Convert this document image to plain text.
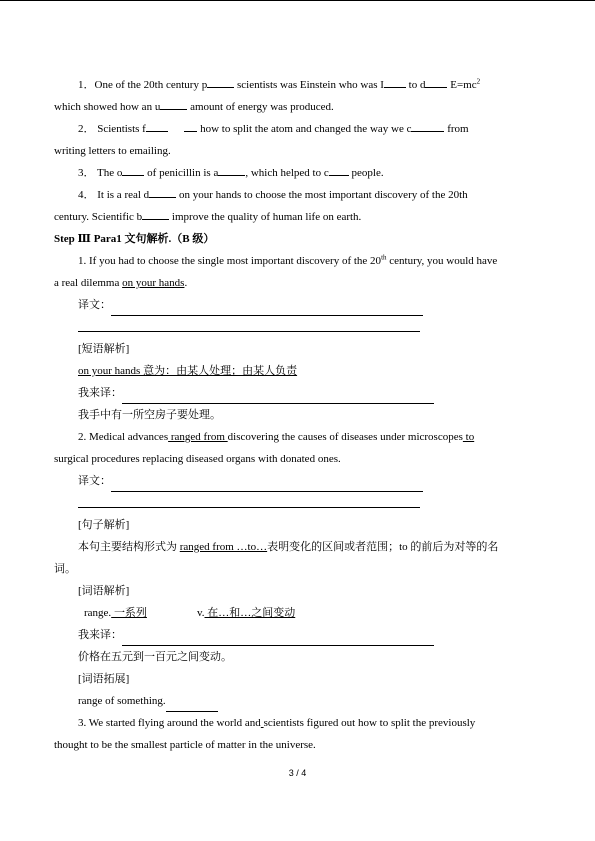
1．One of the 20th century p scientists was Einstein who was I to d $E=mc^2$
which showed how an u amount of energy was produced.
2． Scientists f	how to split the atom and changed the way we c	from
writing letters to emailing.
3． The o of penicillin is a , which helped to c people.
4． It is a real d on your hands to choose the most important discovery of the 20th
century. Scientific b improve the quality of human life on earth.
Step Ⅲ Para1 文句解析.（B 级）
1. If you had to choose the single most important discovery of the 20th century, you would have
a real dilemma on your hands.
译文：
[短语解析]
on your hands 意为：由某人处理；由某人负责
我来译：
我手中有一所空房子要处理。
2. Medical advances ranged from discovering the causes of diseases under microscopes to
surgical procedures replacing diseased organs with donated ones.
译文：
[句子解析]
本句主要结构形式为 ranged from …to…表明变化的区间或者范围；to 的前后为对等的名
词。
[词语解析]
range. 一系列	v. 在…和…之间变动
我来译：
价格在五元到一百元之间变动。
[词语拓展]
range of something.
3. We started flying around the world and scientists figured out how to split the previously
thought to be the smallest particle of matter in the universe.
3 / 4
